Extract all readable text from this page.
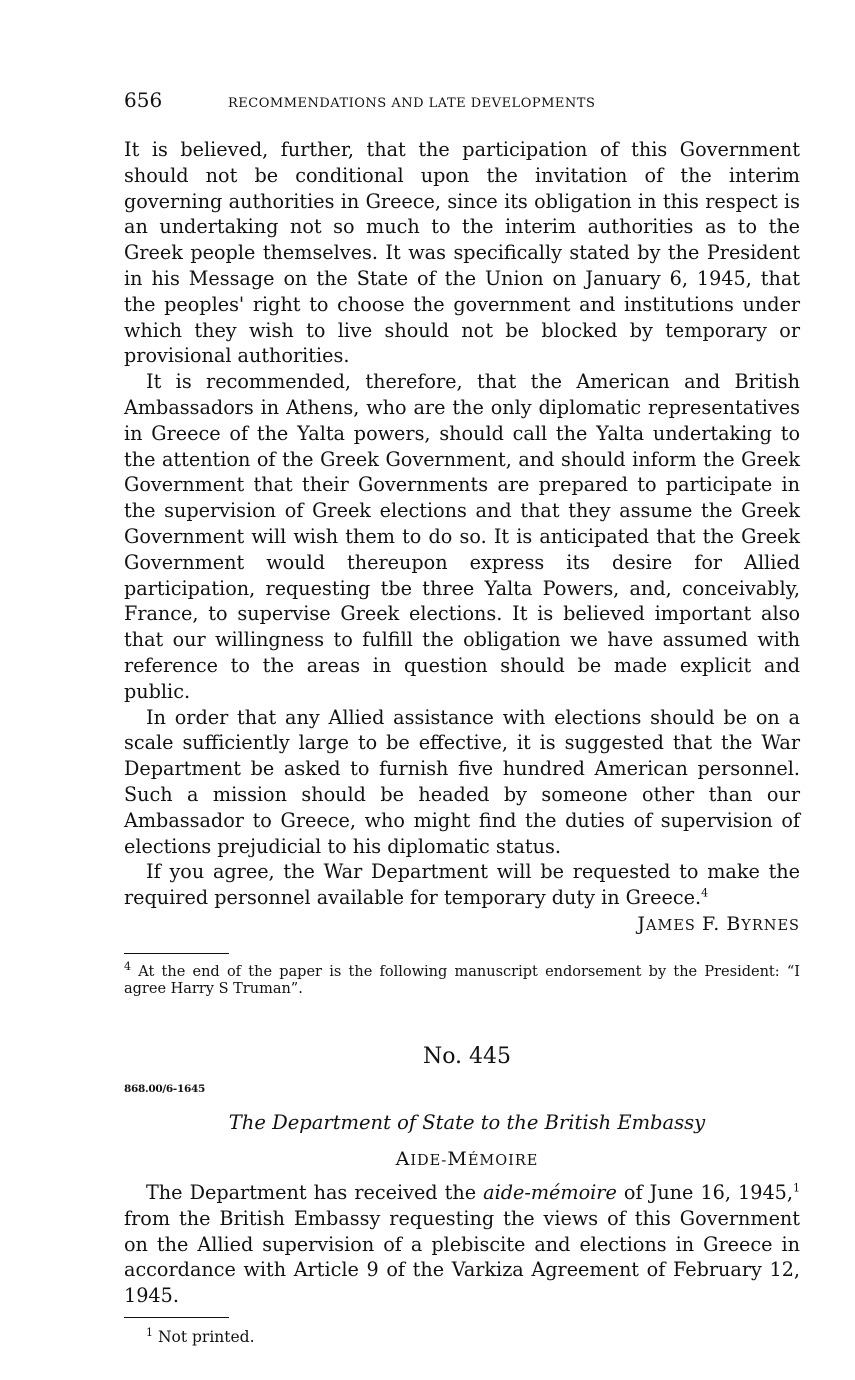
656	RECOMMENDATIONS AND LATE DEVELOPMENTS

It is believed, further, that the participation of this Government should not be conditional upon the invitation of the interim governing authorities in Greece, since its obligation in this respect is an undertaking not so much to the interim authorities as to the Greek people themselves. It was specifically stated by the President in his Message on the State of the Union on January 6, 1945, that the peoples' right to choose the government and institutions under which they wish to live should not be blocked by temporary or provisional authorities.

It is recommended, therefore, that the American and British Ambassadors in Athens, who are the only diplomatic representatives in Greece of the Yalta powers, should call the Yalta undertaking to the attention of the Greek Government, and should inform the Greek Government that their Governments are prepared to participate in the supervision of Greek elections and that they assume the Greek Government will wish them to do so. It is anticipated that the Greek Government would thereupon express its desire for Allied participation, requesting tbe three Yalta Powers, and, conceivably, France, to supervise Greek elections. It is believed important also that our willingness to fulfill the obligation we have assumed with reference to the areas in question should be made explicit and public.

In order that any Allied assistance with elections should be on a scale sufficiently large to be effective, it is suggested that the War Department be asked to furnish five hundred American personnel. Such a mission should be headed by someone other than our Ambassador to Greece, who might find the duties of supervision of elections prejudicial to his diplomatic status.

If you agree, the War Department will be requested to make the required personnel available for temporary duty in Greece.$^4$

JAMES F. BYRNES

$^4$ At the end of the paper is the following manuscript endorsement by the President: “I agree Harry S Truman”.

No. 445
868.00/6-1645
The Department of State to the British Embassy
AIDE-MÉMOIRE

The Department has received the aide-mémoire of June 16, 1945,$^1$ from the British Embassy requesting the views of this Government on the Allied supervision of a plebiscite and elections in Greece in accordance with Article 9 of the Varkiza Agreement of February 12, 1945.

$^1$ Not printed.
